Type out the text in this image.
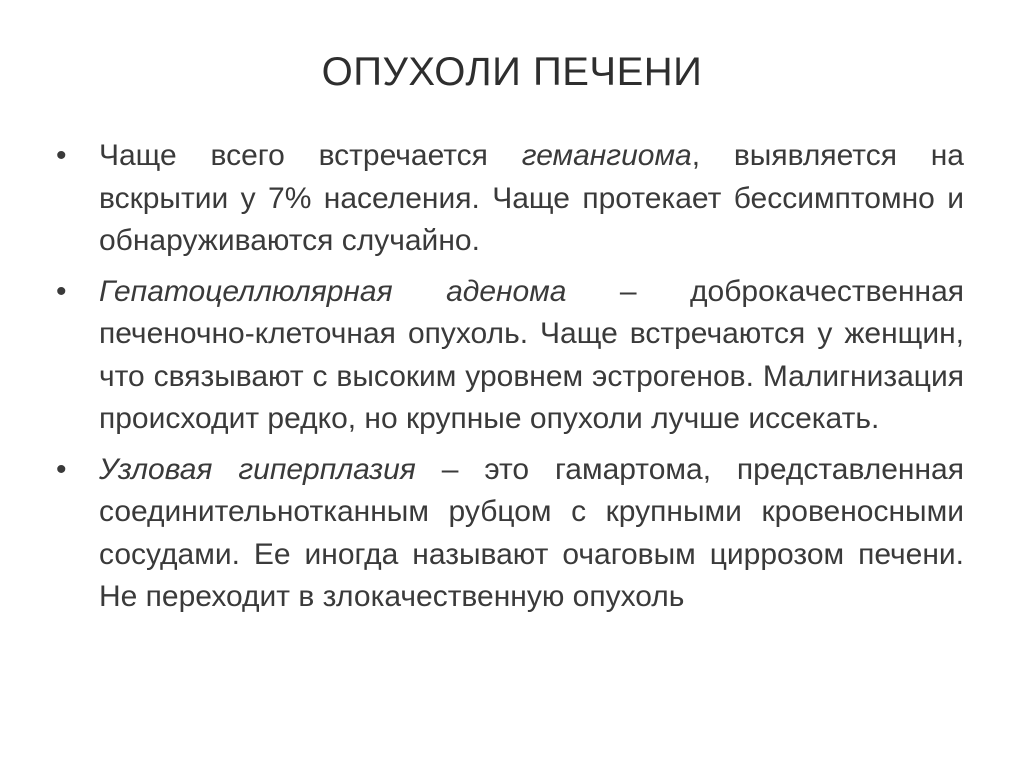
ОПУХОЛИ ПЕЧЕНИ
• Чаще всего встречается гемангиома, выявляется на вскрытии у 7% населения. Чаще протекает бессимптомно и обнаруживаются случайно.
• Гепатоцеллюлярная аденома – доброкачественная печеночно-клеточная опухоль. Чаще встречаются у женщин, что связывают с высоким уровнем эстрогенов. Малигнизация происходит редко, но крупные опухоли лучше иссекать.
• Узловая гиперплазия – это гамартома, представленная соединительнотканным рубцом с крупными кровеносными сосудами. Ее иногда называют очаговым циррозом печени. Не переходит в злокачественную опухоль
